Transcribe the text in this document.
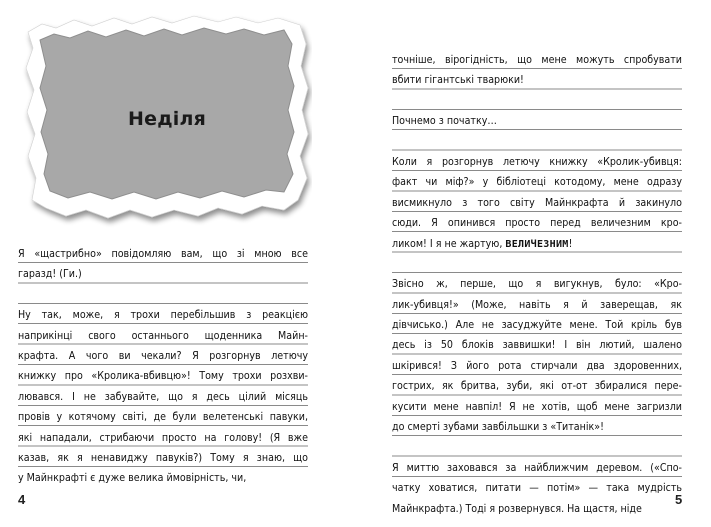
Неділя
Я «щастрибно» повідомляю вам, що зі мною все
гаразд! (Ги.)
Ну так, може, я трохи перебільшив з реакцією
наприкінці свого останнього щоденника Майн-
крафта. А чого ви чекали? Я розгорнув летючу
книжку про «Кролика-вбивцю»! Тому трохи розхви-
лювався. І не забувайте, що я десь цілий місяць
провів у котячому світі, де були велетенські павуки,
які нападали, стрибаючи просто на голову! (Я вже
казав, як я ненавиджу павуків?) Тому я знаю, що
у Майнкрафті є дуже велика ймовірність, чи,
4
точніше, вірогідність, що мене можуть спробувати
вбити гігантські тварюки!
Почнемо з початку…
Коли я розгорнув летючу книжку «Кролик-убивця:
факт чи міф?» у бібліотеці котодому, мене одразу
висмикнуло з того світу Майнкрафта й закинуло
сюди. Я опинився просто перед величезним кро-
ликом! І я не жартую, ВЕЛИЧЕЗНИМ!
Звісно ж, перше, що я вигукнув, було: «Кро-
лик-убивця!» (Може, навіть я й заверещав, як
дівчисько.) Але не засуджуйте мене. Той кріль був
десь із 50 блоків заввишки! І він лютий, шалено
шкірився! З його рота стирчали два здоровенних,
гострих, як бритва, зуби, які от-от збиралися пере-
кусити мене навпіл! Я не хотів, щоб мене загризли
до смерті зубами завбільшки з «Титанік»!
Я миттю заховався за найближчим деревом. («Спо-
чатку ховатися, питати — потім» — така мудрість
Майнкрафта.) Тоді я розвернувся. На щастя, ніде
5
